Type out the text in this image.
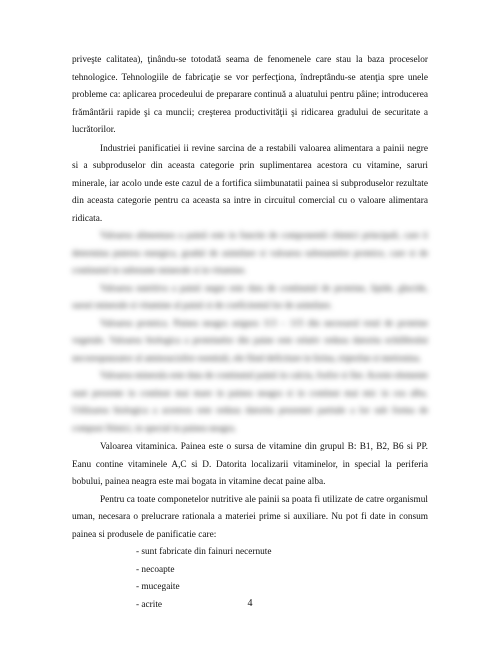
priveşte calitatea), ţinându-se totodată seama de fenomenele care stau la baza proceselor tehnologice. Tehnologiile de fabricaţie se vor perfecţiona, îndreptându-se atenţia spre unele probleme ca: aplicarea procedeului de preparare continuă a aluatului pentru pâine; introducerea frământării rapide şi ca muncii; creşterea productivităţii şi ridicarea gradului de securitate a lucrătorilor.

Industriei panificatiei ii revine sarcina de a restabili valoarea alimentara a painii negre si a subproduselor din aceasta categorie prin suplimentarea acestora cu vitamine, saruri minerale, iar acolo unde este cazul de a fortifica siimbunatatii painea si subproduselor rezultate din aceasta categorie pentru ca aceasta sa intre in circuitul comercial cu o valoare alimentara ridicata.

Valoarea alimentara a painii este in functie de componentii chimici principali, care ii determina puterea energica, gradul de asimilare si valoarea substantelor proteice, care si de continutul in substante minerale si in vitamine.

Valoarea nutritiva a painii negre este data de continutul de proteine, lipide, glucide, saruri minerale si vitamine al painii si de coeficientul lor de asimilare.

Valoarea proteica. Painea neagra asigura 113 – 115 din necesarul total de proteine vegetale. Valoarea biologica a proteinelor din paine este relativ redusa datorita echilibrului necorespunzator al aminoacizilor esentiali, ele fiind deficitare in lizina, triptofan si metionina.

Valoarea minerala este data de continutul painii in calciu, fosfor si fier. Aceste elemente sunt prezente in continut mai mare in painea neagra si in continut mai mic in cea alba. Utilizarea biologica a acestora este redusa datorita prezentei partiale a lor sub forma de compusi fitinici, in special in painea neagra.

Valoarea vitaminica. Painea este o sursa de vitamine din grupul B: B1, B2, B6 si PP. Eanu contine vitaminele A,C si D. Datorita localizarii vitaminelor, in special la periferia bobului, painea neagra este mai bogata in vitamine decat paine alba.

Pentru ca toate componetelor nutritive ale painii sa poata fi utilizate de catre organismul uman, necesara o prelucrare rationala a materiei prime si auxiliare. Nu pot fi date in consum painea si produsele de panificatie care:

- sunt fabricate din fainuri necernute
- necoapte
- mucegaite
- acrite	4
